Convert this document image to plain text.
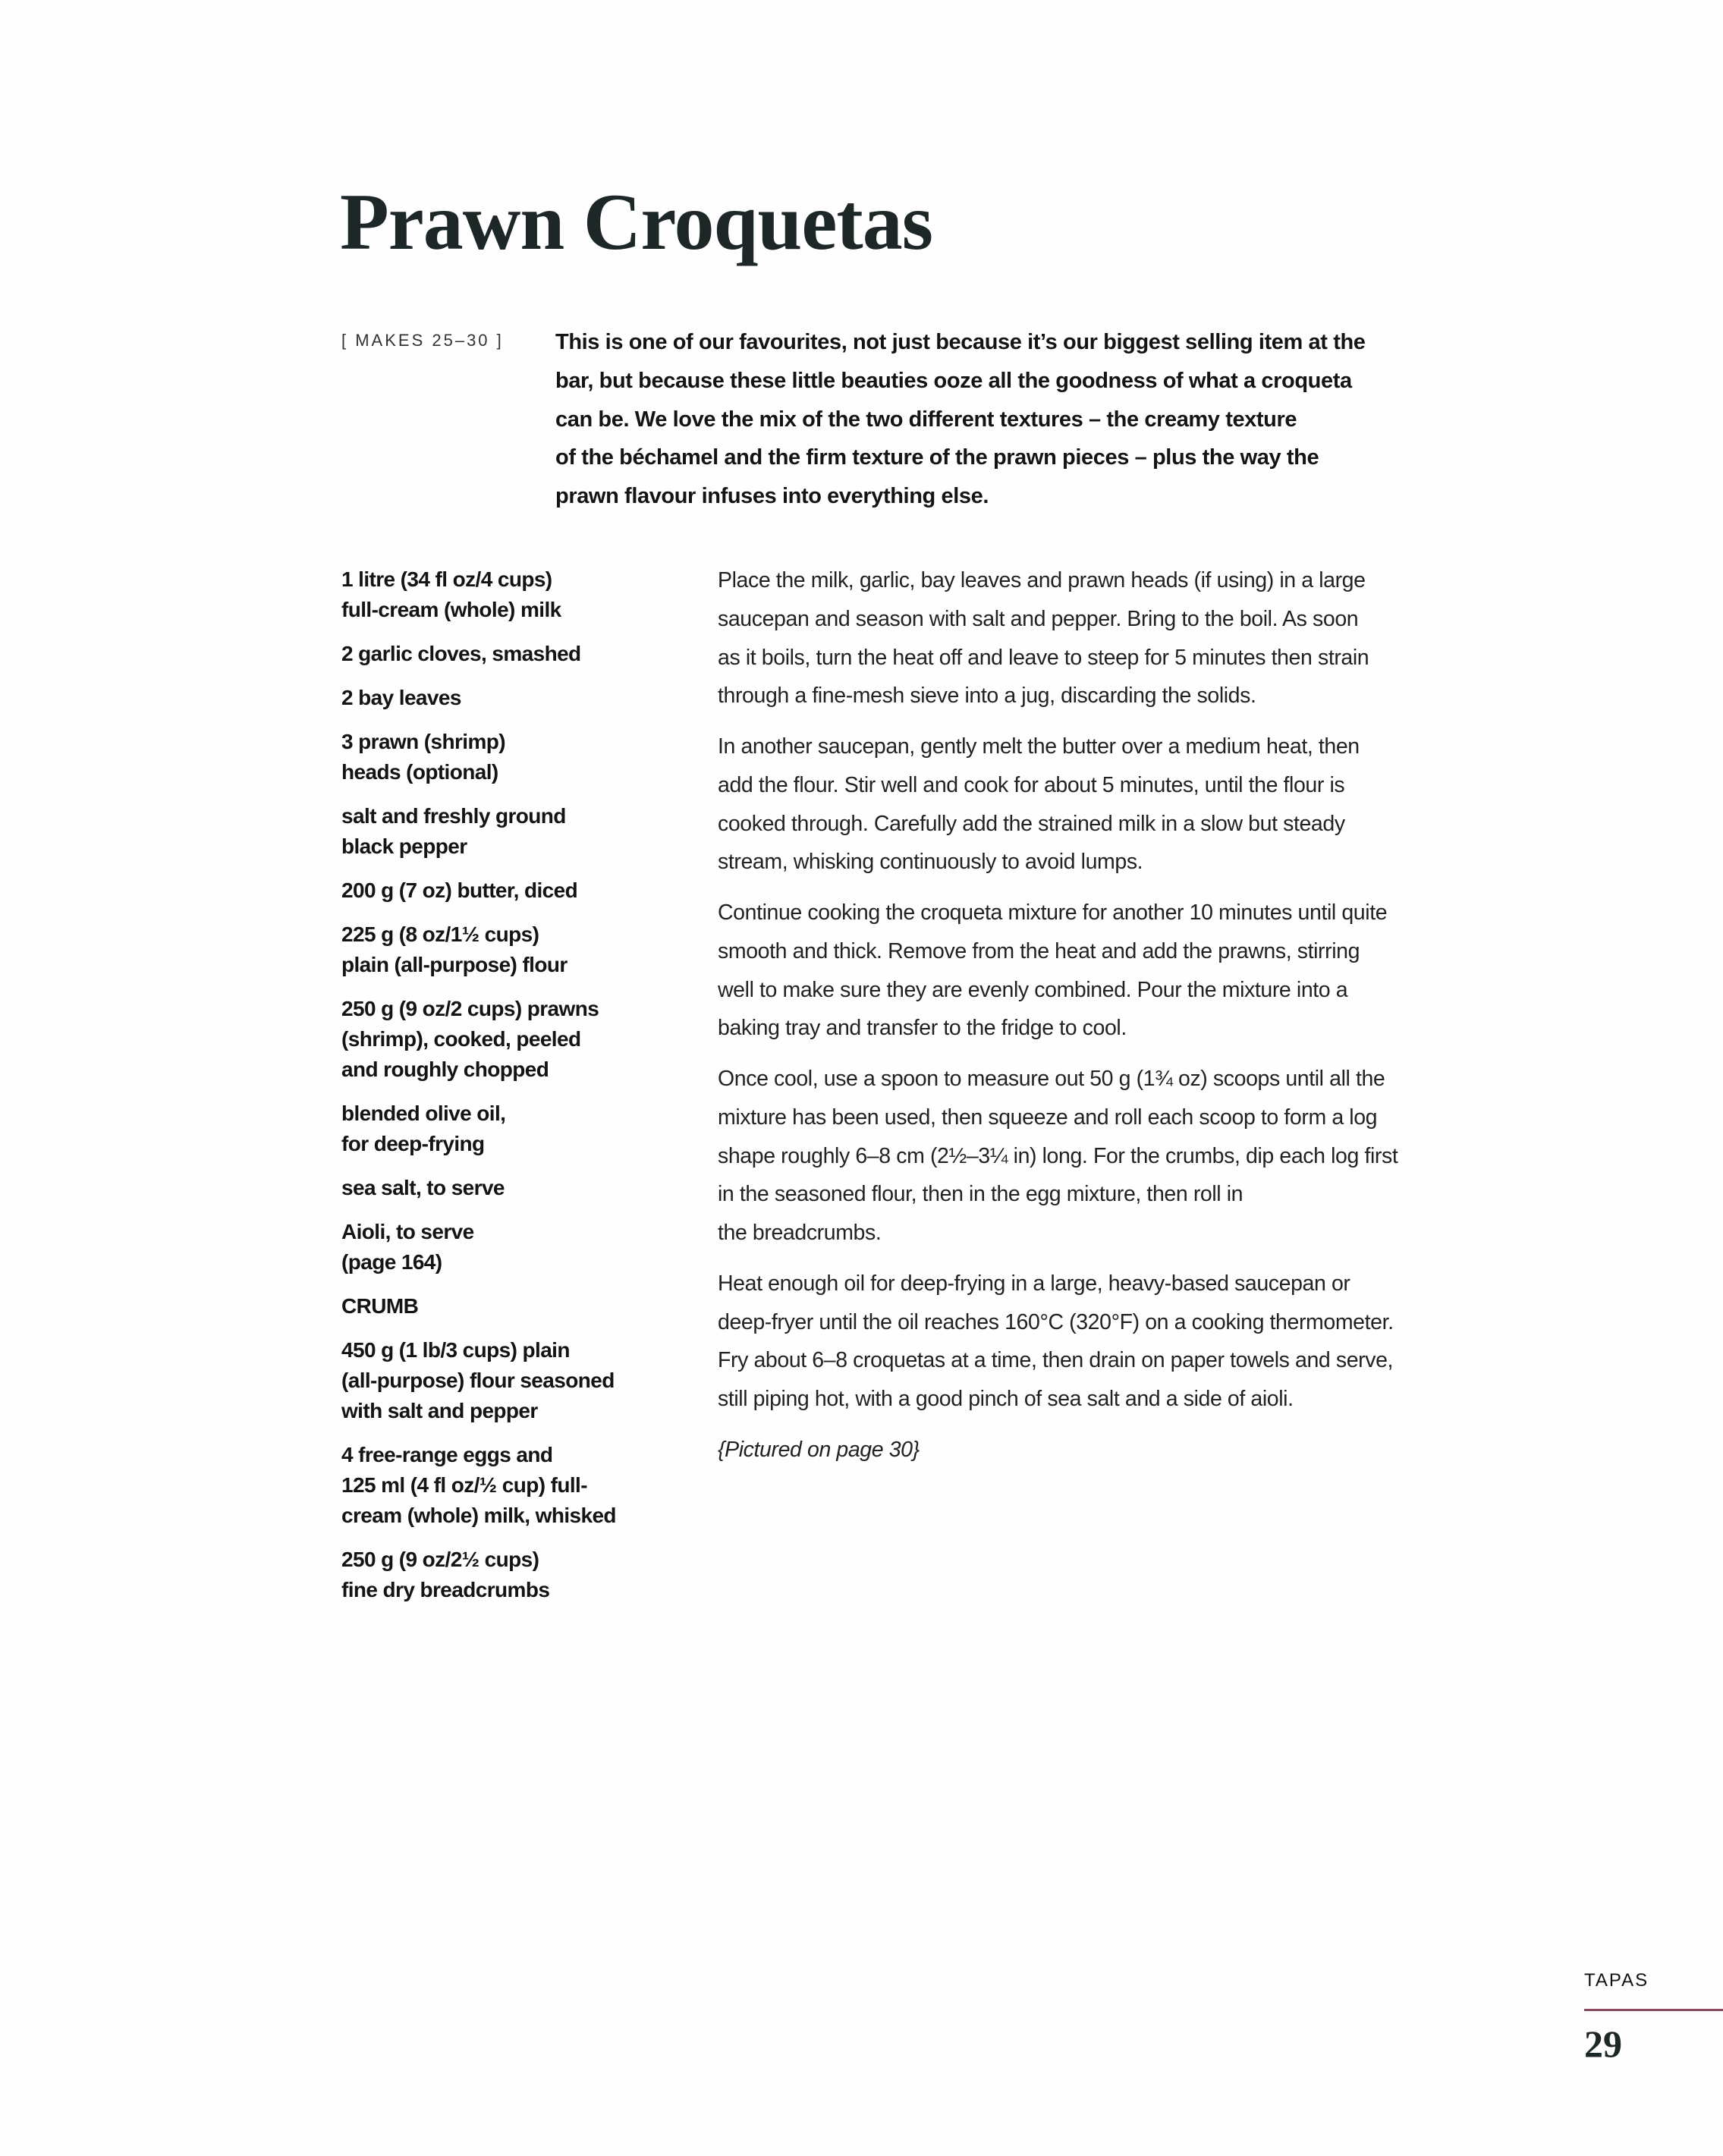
Prawn Croquetas
[ MAKES 25–30 ] This is one of our favourites, not just because it’s our biggest selling item at the
bar, but because these little beauties ooze all the goodness of what a croqueta
can be. We love the mix of the two different textures – the creamy texture
of the béchamel and the firm texture of the prawn pieces – plus the way the
prawn flavour infuses into everything else.
1 litre (34 fl oz/4 cups)
full-cream (whole) milk
2 garlic cloves, smashed
2 bay leaves
3 prawn (shrimp)
heads (optional)
salt and freshly ground
black pepper
200 g (7 oz) butter, diced
225 g (8 oz/1½ cups)
plain (all-purpose) flour
250 g (9 oz/2 cups) prawns
(shrimp), cooked, peeled
and roughly chopped
blended olive oil,
for deep-frying
sea salt, to serve
Aioli, to serve
(page 164)
CRUMB
450 g (1 lb/3 cups) plain
(all-purpose) flour seasoned
with salt and pepper
4 free-range eggs and
125 ml (4 fl oz/½ cup) full-
cream (whole) milk, whisked
250 g (9 oz/2½ cups)
fine dry breadcrumbs
Place the milk, garlic, bay leaves and prawn heads (if using) in a large
saucepan and season with salt and pepper. Bring to the boil. As soon
as it boils, turn the heat off and leave to steep for 5 minutes then strain
through a fine-mesh sieve into a jug, discarding the solids.
In another saucepan, gently melt the butter over a medium heat, then
add the flour. Stir well and cook for about 5 minutes, until the flour is
cooked through. Carefully add the strained milk in a slow but steady
stream, whisking continuously to avoid lumps.
Continue cooking the croqueta mixture for another 10 minutes until quite
smooth and thick. Remove from the heat and add the prawns, stirring
well to make sure they are evenly combined. Pour the mixture into a
baking tray and transfer to the fridge to cool.
Once cool, use a spoon to measure out 50 g (1¾ oz) scoops until all the
mixture has been used, then squeeze and roll each scoop to form a log
shape roughly 6–8 cm (2½–3¼ in) long. For the crumbs, dip each log first
in the seasoned flour, then in the egg mixture, then roll in
the breadcrumbs.
Heat enough oil for deep-frying in a large, heavy-based saucepan or
deep-fryer until the oil reaches 160°C (320°F) on a cooking thermometer.
Fry about 6–8 croquetas at a time, then drain on paper towels and serve,
still piping hot, with a good pinch of sea salt and a side of aioli.
{Pictured on page 30}
TAPAS
29
